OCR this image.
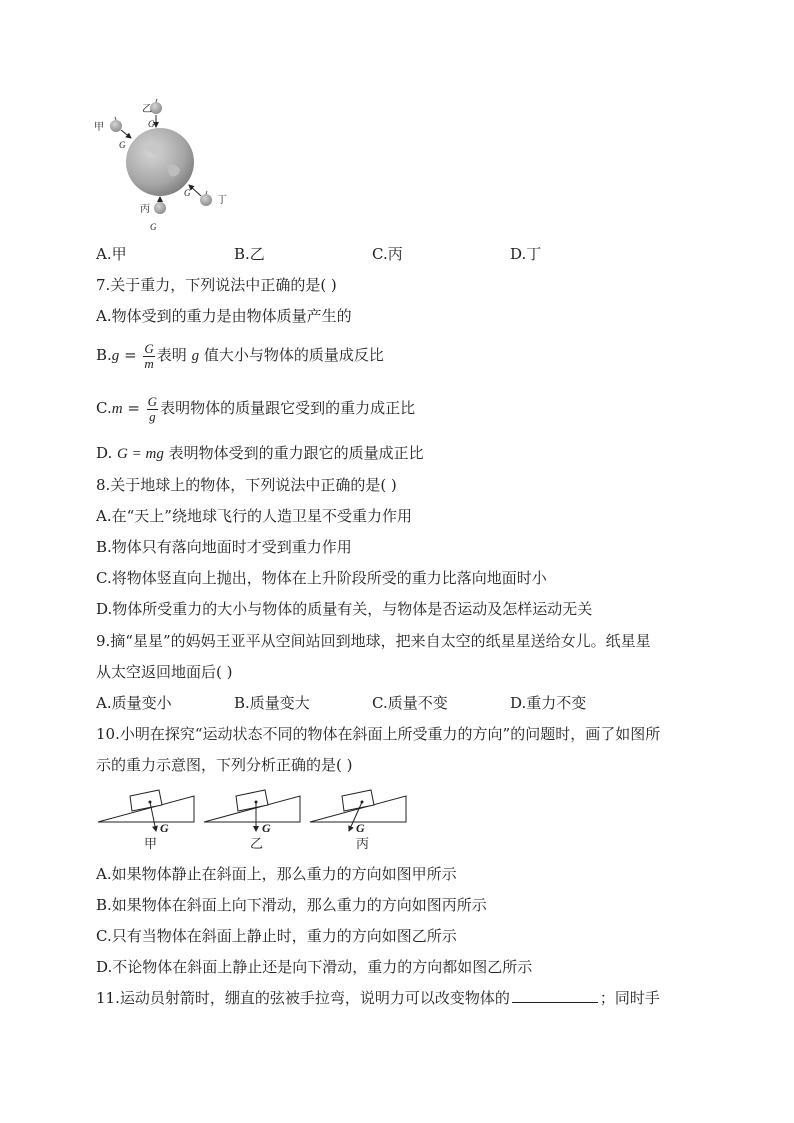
乙
G
甲
G
丁
G
丙
G
A.甲	B.乙	C.丙	D.丁
7.关于重力，下列说法中正确的是( )
A.物体受到的重力是由物体质量产生的
$B.g = \frac{G}{m}$ 表明 g 值大小与物体的质量成反比
$C.m = \frac{G}{g}$ 表明物体的质量跟它受到的重力成正比
D. G = mg 表明物体受到的重力跟它的质量成正比
8.关于地球上的物体，下列说法中正确的是( )
A.在“天上”绕地球飞行的人造卫星不受重力作用
B.物体只有落向地面时才受到重力作用
C.将物体竖直向上抛出，物体在上升阶段所受的重力比落向地面时小
D.物体所受重力的大小与物体的质量有关，与物体是否运动及怎样运动无关
9.摘“星星”的妈妈王亚平从空间站回到地球，把来自太空的纸星星送给女儿。纸星星
从太空返回地面后( )
A.质量变小	B.质量变大	C.质量不变	D.重力不变
10.小明在探究“运动状态不同的物体在斜面上所受重力的方向”的问题时，画了如图所
示的重力示意图，下列分析正确的是( )
G
甲
G
乙
G
丙
A.如果物体静止在斜面上，那么重力的方向如图甲所示
B.如果物体在斜面上向下滑动，那么重力的方向如图丙所示
C.只有当物体在斜面上静止时，重力的方向如图乙所示
D.不论物体在斜面上静止还是向下滑动，重力的方向都如图乙所示
11.运动员射箭时，绷直的弦被手拉弯，说明力可以改变物体的	；同时手
